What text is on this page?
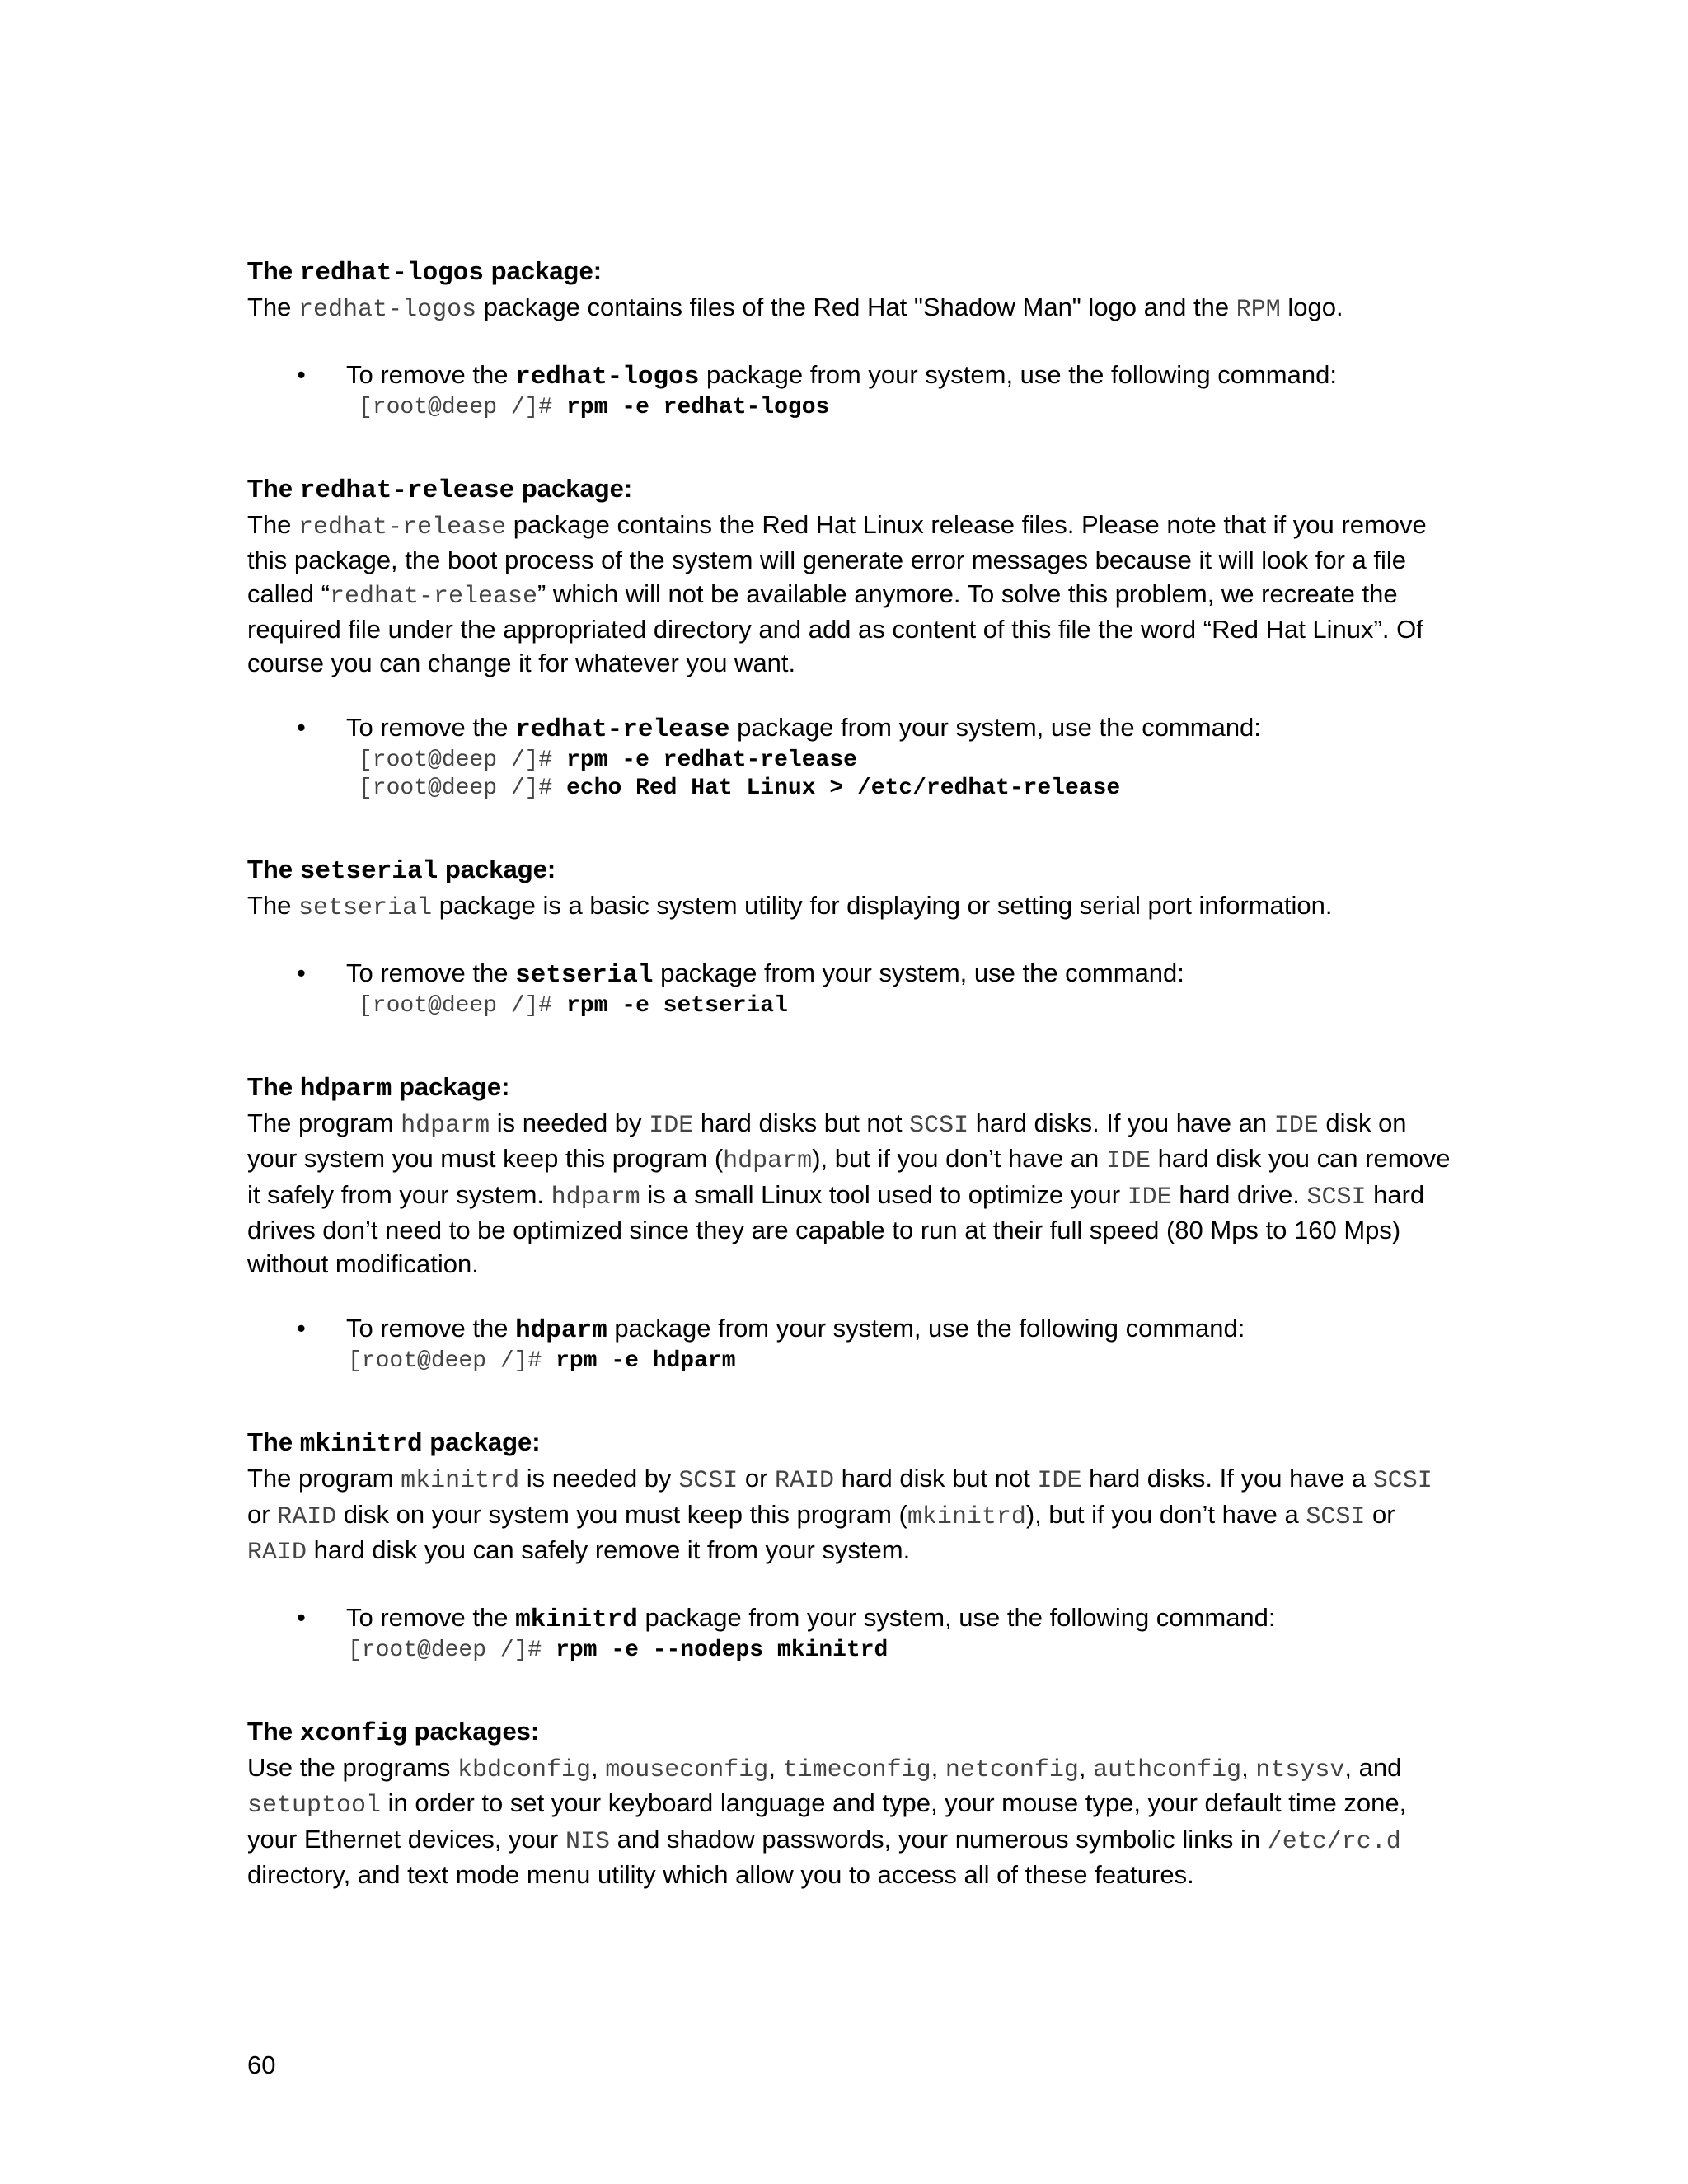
The redhat-logos package:

The redhat-logos package contains files of the Red Hat "Shadow Man" logo and the RPM logo.

• To remove the redhat-logos package from your system, use the following command:
[root@deep /]# rpm -e redhat-logos
The redhat-release package:

The redhat-release package contains the Red Hat Linux release files. Please note that if you remove this package, the boot process of the system will generate error messages because it will look for a file called “redhat-release” which will not be available anymore. To solve this problem, we recreate the required file under the appropriated directory and add as content of this file the word “Red Hat Linux”. Of course you can change it for whatever you want.

• To remove the redhat-release package from your system, use the command:
[root@deep /]# rpm -e redhat-release
[root@deep /]# echo Red Hat Linux > /etc/redhat-release
The setserial package:

The setserial package is a basic system utility for displaying or setting serial port information.

• To remove the setserial package from your system, use the command:
[root@deep /]# rpm -e setserial
The hdparm package:

The program hdparm is needed by IDE hard disks but not SCSI hard disks. If you have an IDE disk on your system you must keep this program (hdparm), but if you don’t have an IDE hard disk you can remove it safely from your system. hdparm is a small Linux tool used to optimize your IDE hard drive. SCSI hard drives don’t need to be optimized since they are capable to run at their full speed (80 Mps to 160 Mps) without modification.

• To remove the hdparm package from your system, use the following command:
[root@deep /]# rpm -e hdparm
The mkinitrd package:

The program mkinitrd is needed by SCSI or RAID hard disk but not IDE hard disks. If you have a SCSI or RAID disk on your system you must keep this program (mkinitrd), but if you don’t have a SCSI or RAID hard disk you can safely remove it from your system.

• To remove the mkinitrd package from your system, use the following command:
[root@deep /]# rpm -e --nodeps mkinitrd
The xconfig packages:

Use the programs kbdconfig, mouseconfig, timeconfig, netconfig, authconfig, ntsysv, and setuptool in order to set your keyboard language and type, your mouse type, your default time zone, your Ethernet devices, your NIS and shadow passwords, your numerous symbolic links in /etc/rc.d directory, and text mode menu utility which allow you to access all of these features.

60
